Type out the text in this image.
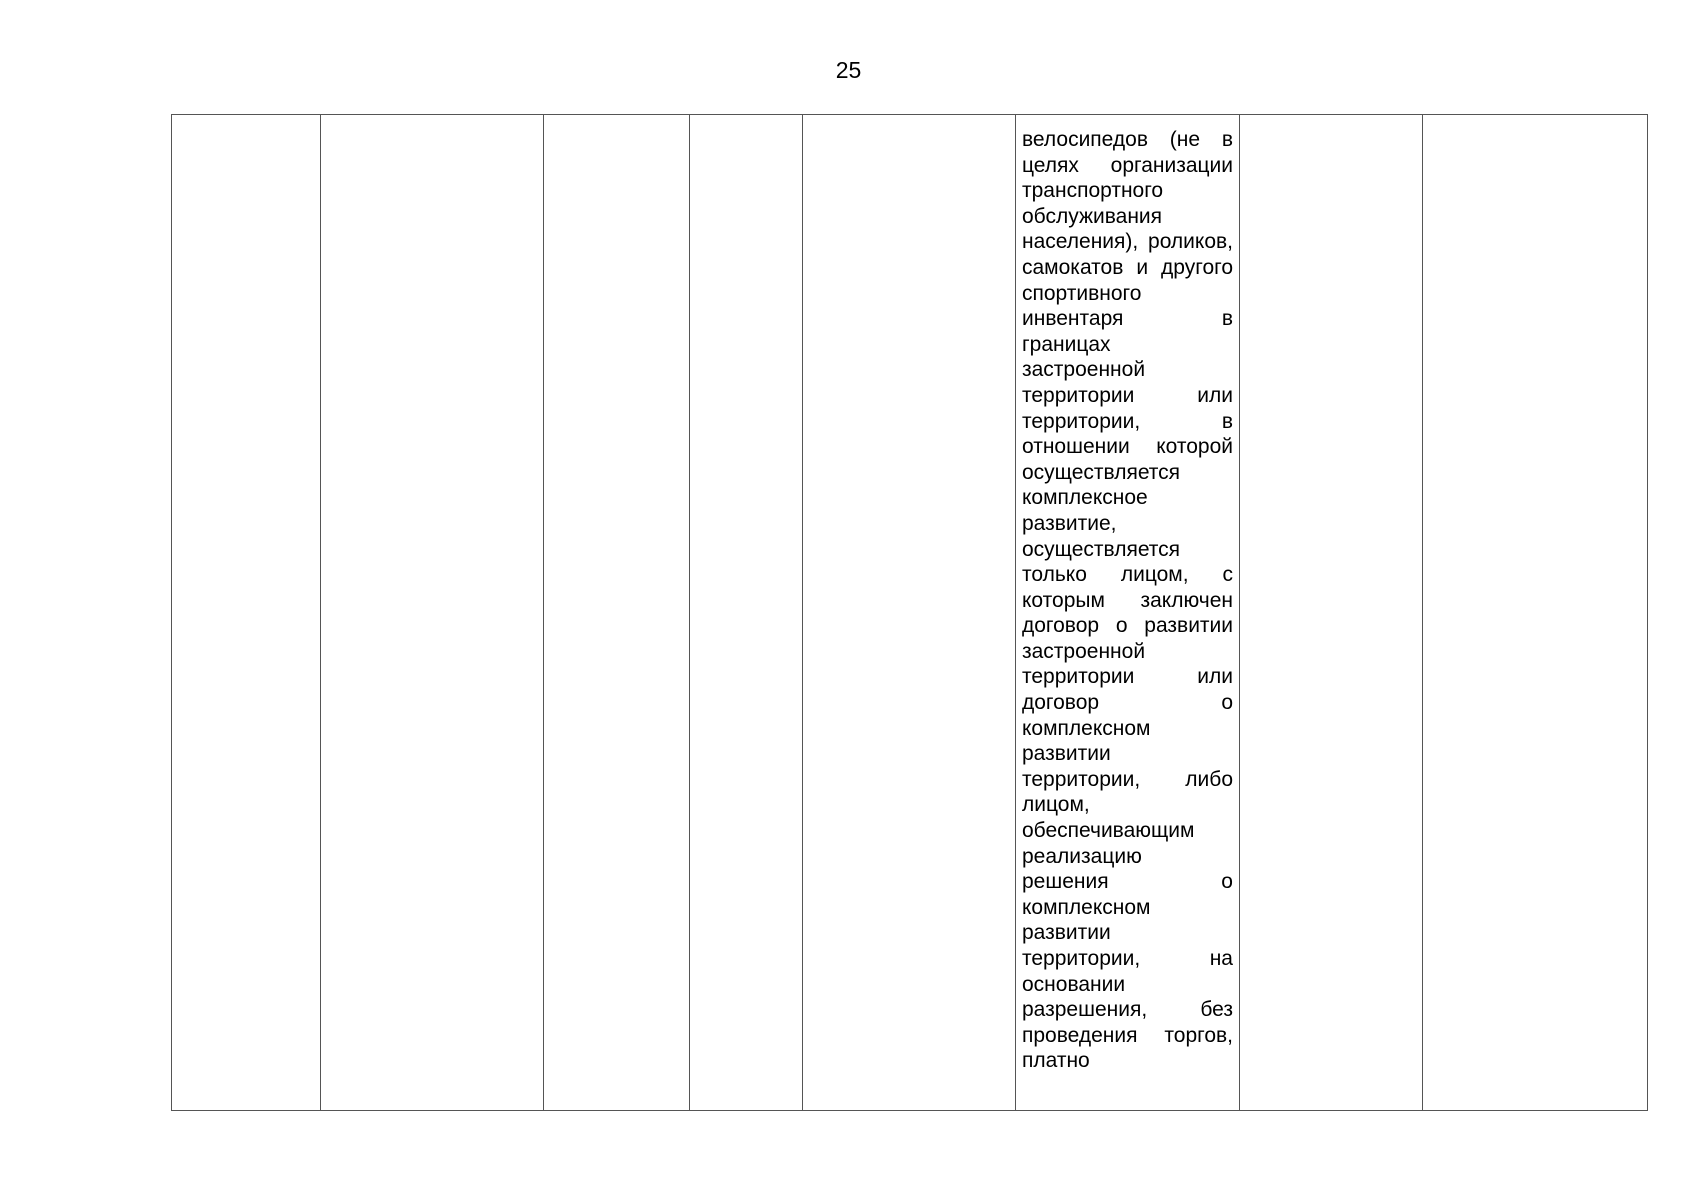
25

велосипедов (не в целях организации транспортного обслуживания населения), роликов, самокатов и другого спортивного инвентаря в границах застроенной территории или территории, в отношении которой осуществляется комплексное развитие, осуществляется только лицом, с которым заключен договор о развитии застроенной территории или договор о комплексном развитии территории, либо лицом, обеспечивающим реализацию решения о комплексном развитии территории, на основании разрешения, без проведения торгов, платно
